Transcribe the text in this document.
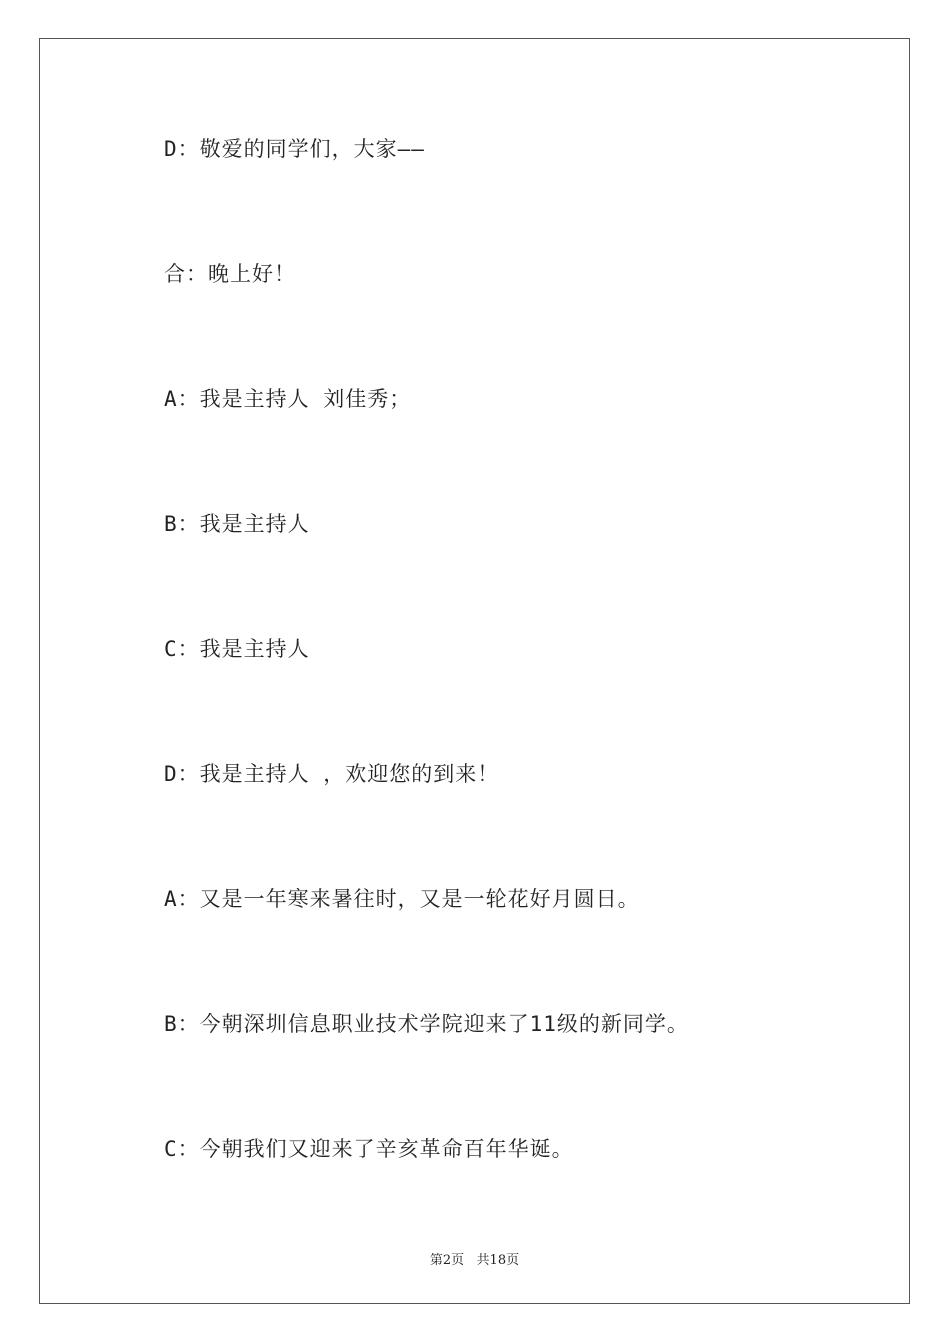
D：敬爱的同学们，大家——
合：晚上好！
A：我是主持人 刘佳秀；
B：我是主持人
C：我是主持人
D：我是主持人 ，欢迎您的到来！
A：又是一年寒来暑往时，又是一轮花好月圆日。
B：今朝深圳信息职业技术学院迎来了11级的新同学。
C：今朝我们又迎来了辛亥革命百年华诞。
第2页   共18页
